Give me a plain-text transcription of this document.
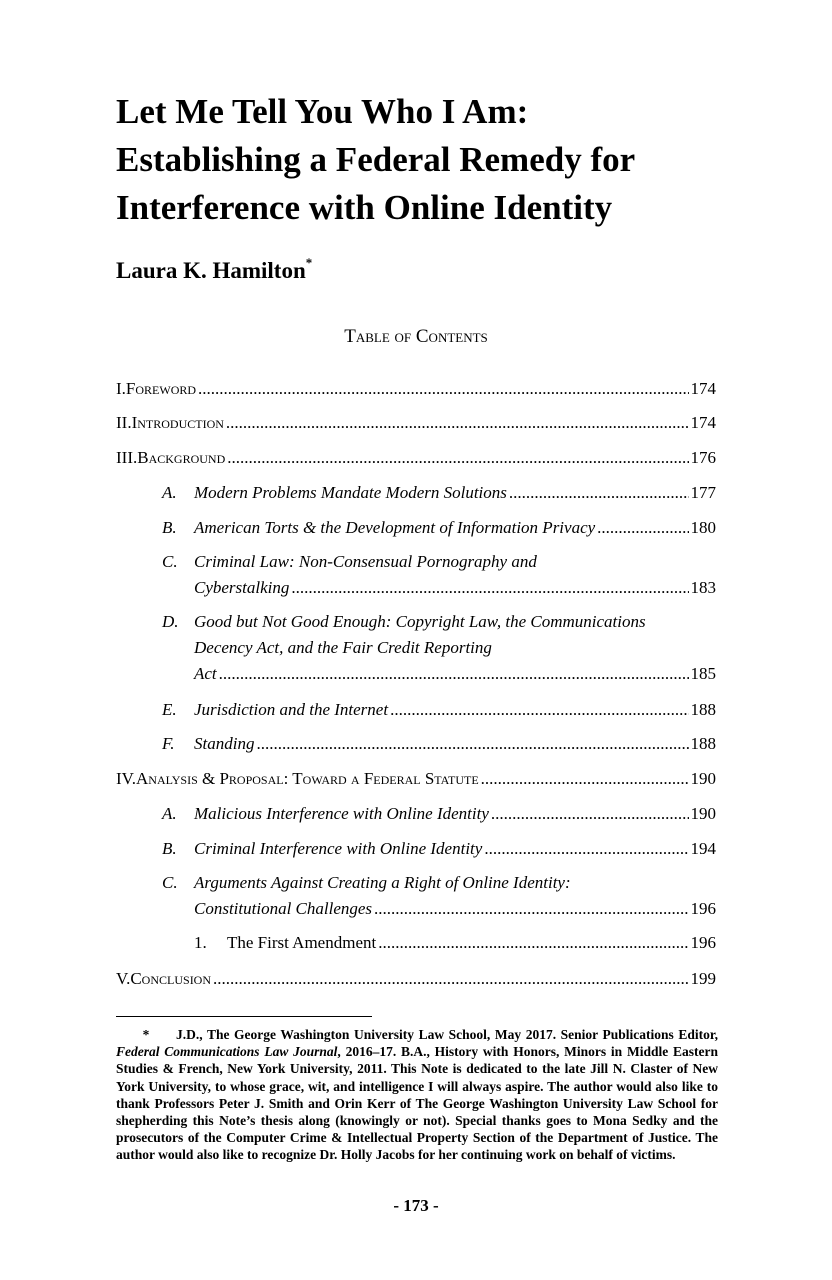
Let Me Tell You Who I Am:
Establishing a Federal Remedy for
Interference with Online Identity

Laura K. Hamilton*

Table of Contents
I. Foreword .....	174
II. Introduction .....	174
III. Background .....	176
A. Modern Problems Mandate Modern Solutions .....	177
B. American Torts & the Development of Information Privacy .....	180
C. Criminal Law: Non-Consensual Pornography and
Cyberstalking .....	183
D. Good but Not Good Enough: Copyright Law, the Communications
Decency Act, and the Fair Credit Reporting
Act .....	185
E. Jurisdiction and the Internet .....	188
F. Standing .....	188
IV. Analysis & Proposal: Toward a Federal Statute .....	190
A. Malicious Interference with Online Identity .....	190
B. Criminal Interference with Online Identity .....	194
C. Arguments Against Creating a Right of Online Identity:
Constitutional Challenges .....	196
1. The First Amendment .....	196
V. Conclusion .....	199

* J.D., The George Washington University Law School, May 2017. Senior Publications Editor, Federal Communications Law Journal, 2016–17. B.A., History with Honors, Minors in Middle Eastern Studies & French, New York University, 2011. This Note is dedicated to the late Jill N. Claster of New York University, to whose grace, wit, and intelligence I will always aspire. The author would also like to thank Professors Peter J. Smith and Orin Kerr of The George Washington University Law School for shepherding this Note’s thesis along (knowingly or not). Special thanks goes to Mona Sedky and the prosecutors of the Computer Crime & Intellectual Property Section of the Department of Justice. The author would also like to recognize Dr. Holly Jacobs for her continuing work on behalf of victims.

- 173 -
